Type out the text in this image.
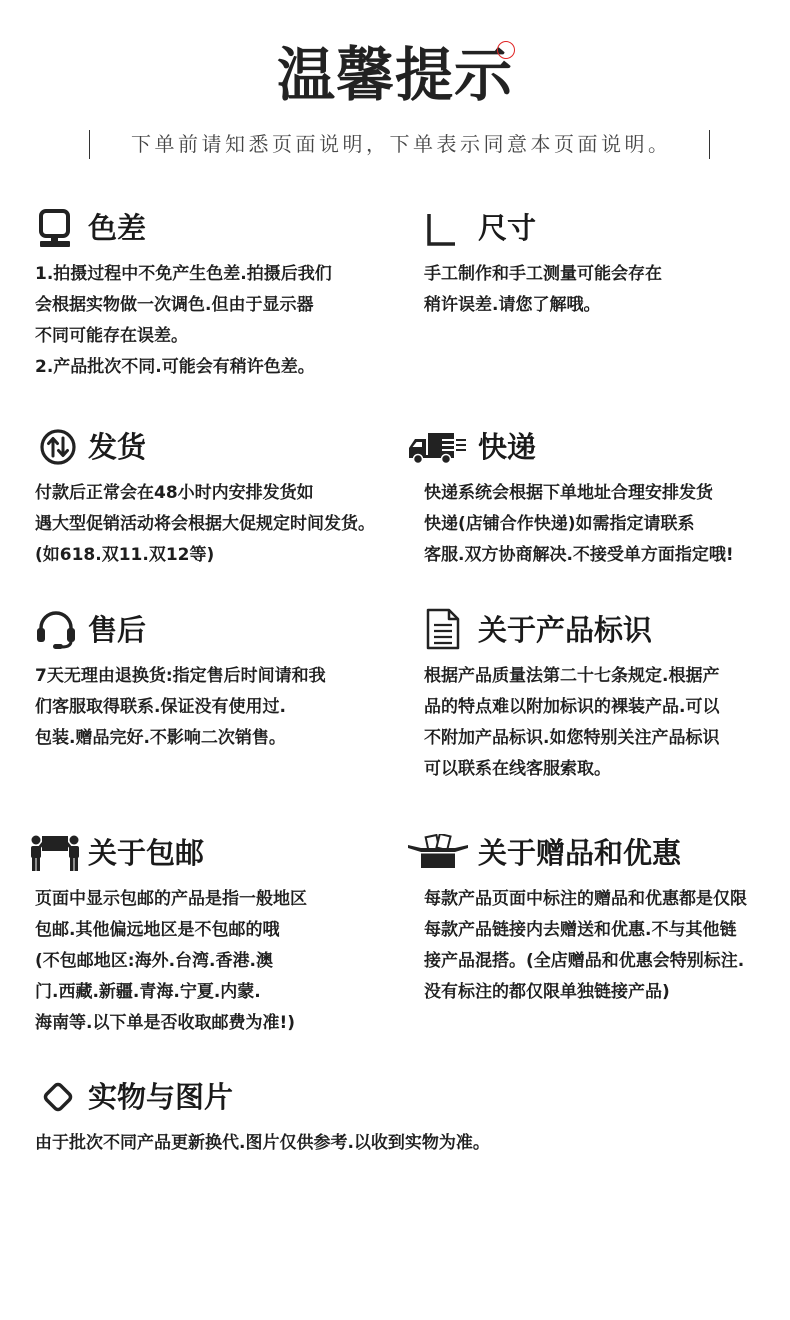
温馨提示
下单前请知悉页面说明，下单表示同意本页面说明。
色差
1.拍摄过程中不免产生色差.拍摄后我们
会根据实物做一次调色.但由于显示器
不同可能存在误差。
2.产品批次不同.可能会有稍许色差。
尺寸
手工制作和手工测量可能会存在
稍许误差.请您了解哦。
发货
付款后正常会在48小时内安排发货如
遇大型促销活动将会根据大促规定时间发货。
(如618.双11.双12等)
快递
快递系统会根据下单地址合理安排发货
快递(店铺合作快递)如需指定请联系
客服.双方协商解决.不接受单方面指定哦!
售后
7天无理由退换货:指定售后时间请和我
们客服取得联系.保证没有使用过.
包装.赠品完好.不影响二次销售。
关于产品标识
根据产品质量法第二十七条规定.根据产
品的特点难以附加标识的裸装产品.可以
不附加产品标识.如您特别关注产品标识
可以联系在线客服索取。
关于包邮
页面中显示包邮的产品是指一般地区
包邮.其他偏远地区是不包邮的哦
(不包邮地区:海外.台湾.香港.澳
门.西藏.新疆.青海.宁夏.内蒙.
海南等.以下单是否收取邮费为准!)
关于赠品和优惠
每款产品页面中标注的赠品和优惠都是仅限
每款产品链接内去赠送和优惠.不与其他链
接产品混搭。(全店赠品和优惠会特别标注.
没有标注的都仅限单独链接产品)
实物与图片
由于批次不同产品更新换代.图片仅供参考.以收到实物为准。
